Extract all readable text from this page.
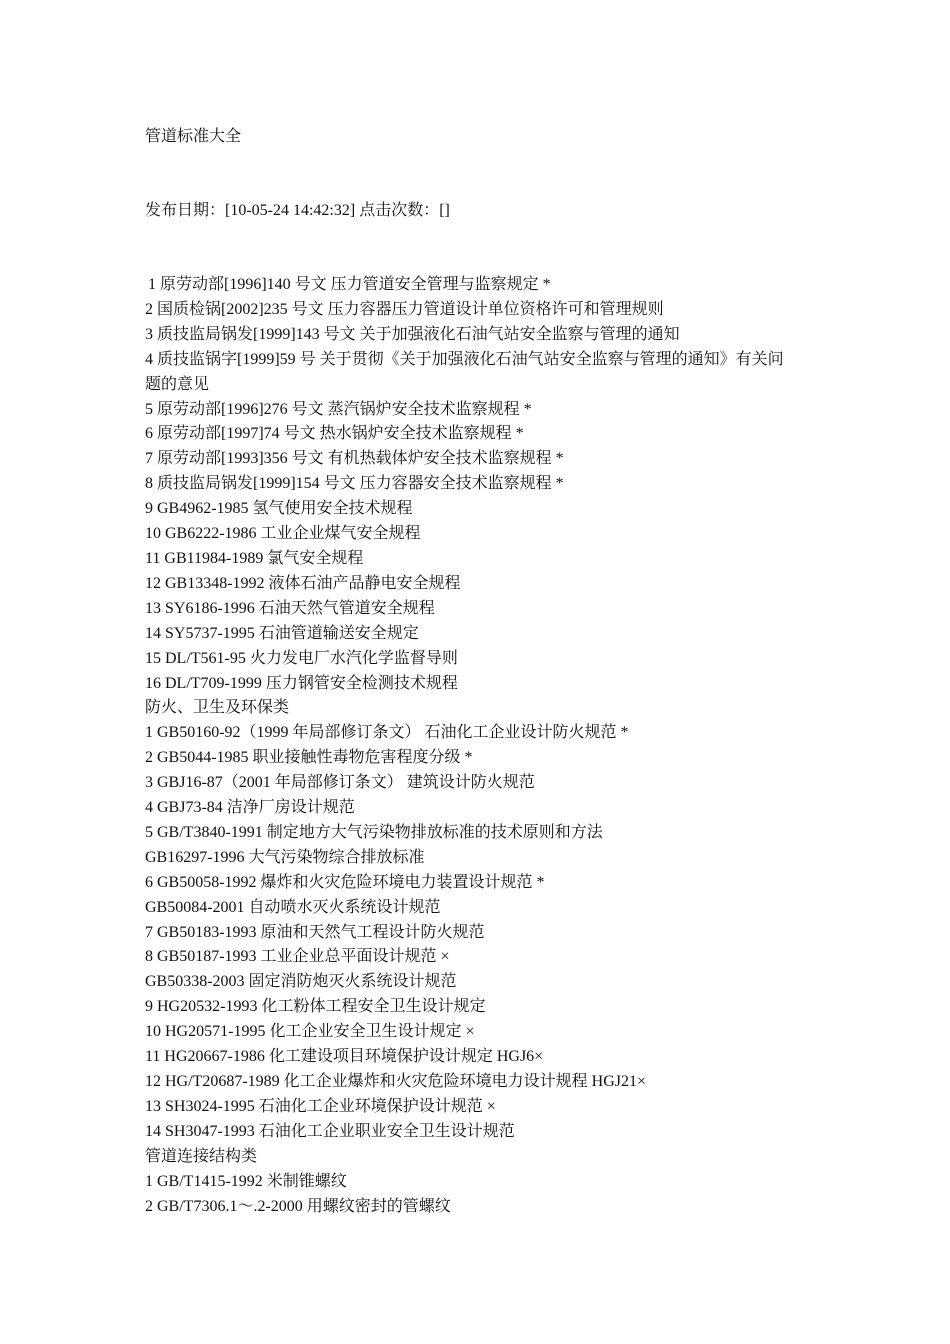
管道标准大全
发布日期：[10-05-24 14:42:32] 点击次数：[]
1 原劳动部[1996]140 号文 压力管道安全管理与监察规定 *
2 国质检锅[2002]235 号文 压力容器压力管道设计单位资格许可和管理规则
3 质技监局锅发[1999]143 号文 关于加强液化石油气站安全监察与管理的通知
4 质技监锅字[1999]59 号 关于贯彻《关于加强液化石油气站安全监察与管理的通知》有关问
题的意见
5 原劳动部[1996]276 号文 蒸汽锅炉安全技术监察规程 *
6 原劳动部[1997]74 号文 热水锅炉安全技术监察规程 *
7 原劳动部[1993]356 号文 有机热载体炉安全技术监察规程 *
8 质技监局锅发[1999]154 号文 压力容器安全技术监察规程 *
9 GB4962-1985 氢气使用安全技术规程
10 GB6222-1986 工业企业煤气安全规程
11 GB11984-1989 氯气安全规程
12 GB13348-1992 液体石油产品静电安全规程
13 SY6186-1996 石油天然气管道安全规程
14 SY5737-1995 石油管道输送安全规定
15 DL/T561-95 火力发电厂水汽化学监督导则
16 DL/T709-1999 压力钢管安全检测技术规程
防火、卫生及环保类
1 GB50160-92（1999 年局部修订条文） 石油化工企业设计防火规范 *
2 GB5044-1985 职业接触性毒物危害程度分级 *
3 GBJ16-87（2001 年局部修订条文） 建筑设计防火规范
4 GBJ73-84 洁净厂房设计规范
5 GB/T3840-1991 制定地方大气污染物排放标准的技术原则和方法
GB16297-1996 大气污染物综合排放标准
6 GB50058-1992 爆炸和火灾危险环境电力装置设计规范 *
GB50084-2001 自动喷水灭火系统设计规范
7 GB50183-1993 原油和天然气工程设计防火规范
8 GB50187-1993 工业企业总平面设计规范 ×
GB50338-2003 固定消防炮灭火系统设计规范
9 HG20532-1993 化工粉体工程安全卫生设计规定
10 HG20571-1995 化工企业安全卫生设计规定 ×
11 HG20667-1986 化工建设项目环境保护设计规定 HGJ6×
12 HG/T20687-1989 化工企业爆炸和火灾危险环境电力设计规程 HGJ21×
13 SH3024-1995 石油化工企业环境保护设计规范 ×
14 SH3047-1993 石油化工企业职业安全卫生设计规范
管道连接结构类
1 GB/T1415-1992 米制锥螺纹
2 GB/T7306.1～.2-2000 用螺纹密封的管螺纹
